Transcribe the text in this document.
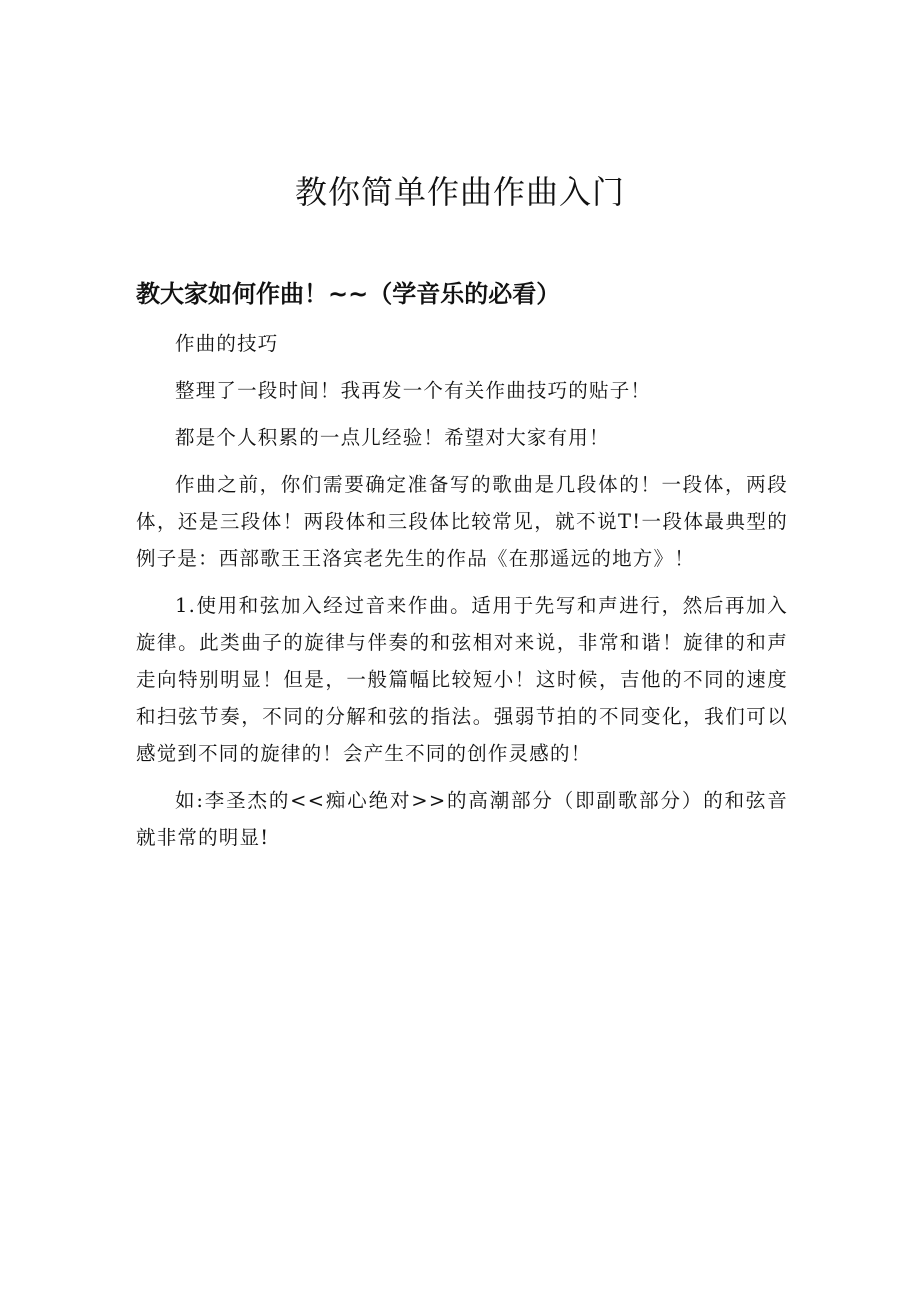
教你简单作曲作曲入门
教大家如何作曲！~~（学音乐的必看）

作曲的技巧

整理了一段时间！我再发一个有关作曲技巧的贴子！

都是个人积累的一点儿经验！希望对大家有用！

作曲之前，你们需要确定准备写的歌曲是几段体的！一段体，两段体，还是三段体！两段体和三段体比较常见，就不说T!一段体最典型的例子是：西部歌王王洛宾老先生的作品《在那遥远的地方》！

1.使用和弦加入经过音来作曲。适用于先写和声进行，然后再加入旋律。此类曲子的旋律与伴奏的和弦相对来说，非常和谐！旋律的和声走向特别明显！但是，一般篇幅比较短小！这时候，吉他的不同的速度和扫弦节奏，不同的分解和弦的指法。强弱节拍的不同变化，我们可以感觉到不同的旋律的！会产生不同的创作灵感的！

如:李圣杰的<<痴心绝对>>的高潮部分（即副歌部分）的和弦音就非常的明显!
